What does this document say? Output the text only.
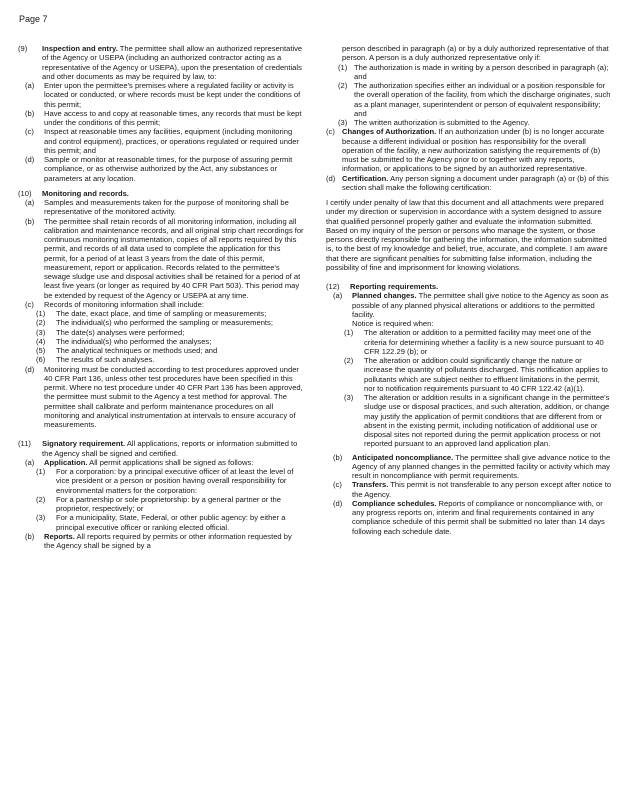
Page 7
(9) Inspection and entry. The permittee shall allow an authorized representative of the Agency or USEPA (including an authorized contractor acting as a representative of the Agency or USEPA), upon the presentation of credentials and other documents as may be required by law, to:
(a) Enter upon the permittee's premises where a regulated facility or activity is located or conducted, or where records must be kept under the conditions of this permit;
(b) Have access to and copy at reasonable times, any records that must be kept under the conditions of this permit;
(c) Inspect at reasonable times any facilities, equipment (including monitoring and control equipment), practices, or operations regulated or required under this permit; and
(d) Sample or monitor at reasonable times, for the purpose of assuring permit compliance, or as otherwise authorized by the Act, any substances or parameters at any location.
(10) Monitoring and records.
(a) Samples and measurements taken for the purpose of monitoring shall be representative of the monitored activity.
(b) The permittee shall retain records of all monitoring information, including all calibration and maintenance records, and all original strip chart recordings for continuous monitoring instrumentation, copies of all reports required by this permit, and records of all data used to complete the application for this permit, for a period of at least 3 years from the date of this permit, measurement, report or application. Records related to the permittee's sewage sludge use and disposal activities shall be retained for a period of at least five years (or longer as required by 40 CFR Part 503). This period may be extended by request of the Agency or USEPA at any time.
(c) Records of monitoring information shall include:
(1) The date, exact place, and time of sampling or measurements;
(2) The individual(s) who performed the sampling or measurements;
(3) The date(s) analyses were performed;
(4) The individual(s) who performed the analyses;
(5) The analytical techniques or methods used; and
(6) The results of such analyses.
(d) Monitoring must be conducted according to test procedures approved under 40 CFR Part 136, unless other test procedures have been specified in this permit. Where no test procedure under 40 CFR Part 136 has been approved, the permittee must submit to the Agency a test method for approval. The permittee shall calibrate and perform maintenance procedures on all monitoring and analytical instrumentation at intervals to ensure accuracy of measurements.
(11) Signatory requirement. All applications, reports or information submitted to the Agency shall be signed and certified.
(a) Application. All permit applications shall be signed as follows:
(1) For a corporation: by a principal executive officer of at least the level of vice president or a person or position having overall responsibility for environmental matters for the corporation:
(2) For a partnership or sole proprietorship: by a general partner or the proprietor, respectively; or
(3) For a municipality, State, Federal, or other public agency: by either a principal executive officer or ranking elected official.
(b) Reports. All reports required by permits or other information requested by the Agency shall be signed by a
person described in paragraph (a) or by a duly authorized representative of that person. A person is a duly authorized representative only if:
(1) The authorization is made in writing by a person described in paragraph (a); and
(2) The authorization specifies either an individual or a position responsible for the overall operation of the facility, from which the discharge originates, such as a plant manager, superintendent or person of equivalent responsibility; and
(3) The written authorization is submitted to the Agency.
(c) Changes of Authorization. If an authorization under (b) is no longer accurate because a different individual or position has responsibility for the overall operation of the facility, a new authorization satisfying the requirements of (b) must be submitted to the Agency prior to or together with any reports, information, or applications to be signed by an authorized representative.
(d) Certification. Any person signing a document under paragraph (a) or (b) of this section shall make the following certification:
I certify under penalty of law that this document and all attachments were prepared under my direction or supervision in accordance with a system designed to assure that qualified personnel properly gather and evaluate the information submitted. Based on my inquiry of the person or persons who manage the system, or those persons directly responsible for gathering the information, the information submitted is, to the best of my knowledge and belief, true, accurate, and complete. I am aware that there are significant penalties for submitting false information, including the possibility of fine and imprisonment for knowing violations.
(12) Reporting requirements.
(a) Planned changes. The permittee shall give notice to the Agency as soon as possible of any planned physical alterations or additions to the permitted facility.
Notice is required when:
(1) The alteration or addition to a permitted facility may meet one of the criteria for determining whether a facility is a new source pursuant to 40 CFR 122.29 (b); or
(2) The alteration or addition could significantly change the nature or increase the quantity of pollutants discharged. This notification applies to pollutants which are subject neither to effluent limitations in the permit, nor to notification requirements pursuant to 40 CFR 122.42 (a)(1).
(3) The alteration or addition results in a significant change in the permittee's sludge use or disposal practices, and such alteration, addition, or change may justify the application of permit conditions that are different from or absent in the existing permit, including notification of additional use or disposal sites not reported during the permit application process or not reported pursuant to an approved land application plan.
(b) Anticipated noncompliance. The permittee shall give advance notice to the Agency of any planned changes in the permitted facility or activity which may result in noncompliance with permit requirements.
(c) Transfers. This permit is not transferable to any person except after notice to the Agency.
(d) Compliance schedules. Reports of compliance or noncompliance with, or any progress reports on, interim and final requirements contained in any compliance schedule of this permit shall be submitted no later than 14 days following each schedule date.
